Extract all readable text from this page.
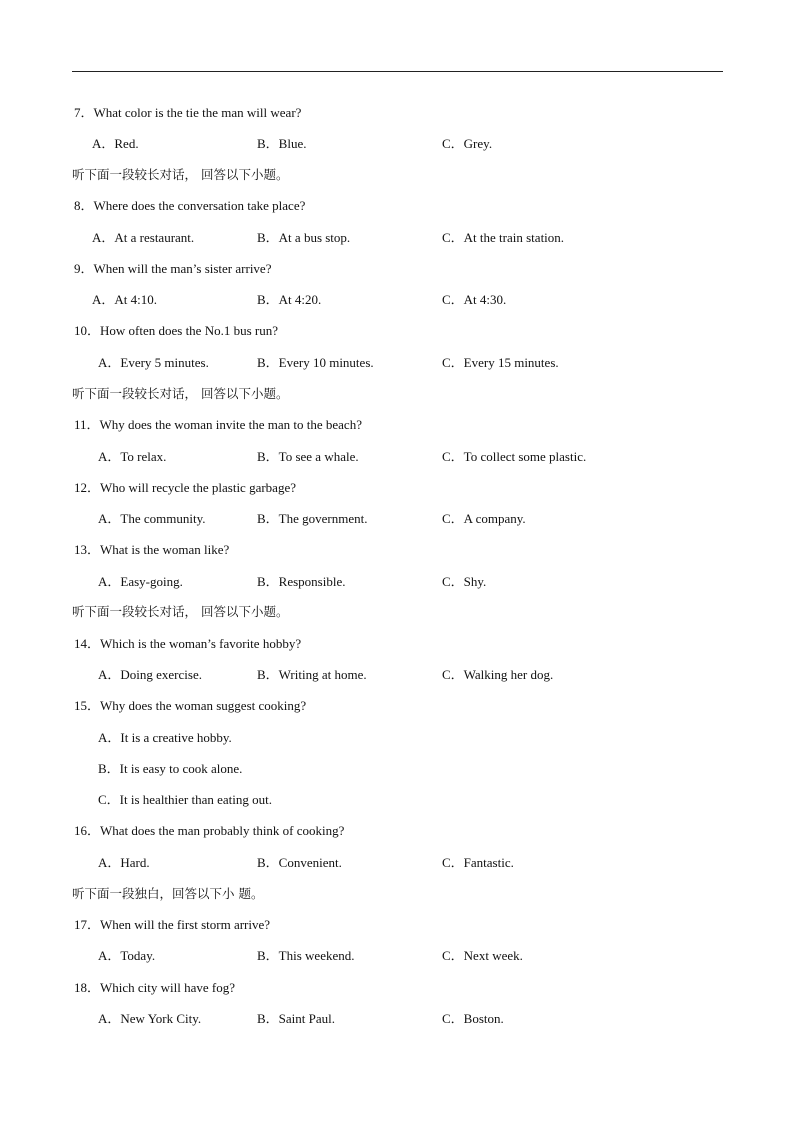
7．What color is the tie the man will wear?
A．Red.	B．Blue.	C．Grey.
听下面一段较长对话， 回答以下小题。
8．Where does the conversation take place?
A．At a restaurant.	B．At a bus stop.	C．At the train station.
9．When will the man’s sister arrive?
A．At 4:10.	B．At 4:20.	C．At 4:30.
10．How often does the No.1 bus run?
A．Every 5 minutes.	B．Every 10 minutes.	C．Every 15 minutes.
听下面一段较长对话， 回答以下小题。
11．Why does the woman invite the man to the beach?
A．To relax.	B．To see a whale.	C．To collect some plastic.
12．Who will recycle the plastic garbage?
A．The community.	B．The government.	C．A company.
13．What is the woman like?
A．Easy-going.	B．Responsible.	C．Shy.
听下面一段较长对话， 回答以下小题。
14．Which is the woman’s favorite hobby?
A．Doing exercise.	B．Writing at home.	C．Walking her dog.
15．Why does the woman suggest cooking?
A．It is a creative hobby.
B．It is easy to cook alone.
C．It is healthier than eating out.
16．What does the man probably think of cooking?
A．Hard.	B．Convenient.	C．Fantastic.
听下面一段独白，回答以下小 题。
17．When will the first storm arrive?
A．Today.	B．This weekend.	C．Next week.
18．Which city will have fog?
A．New York City.	B．Saint Paul.	C．Boston.
